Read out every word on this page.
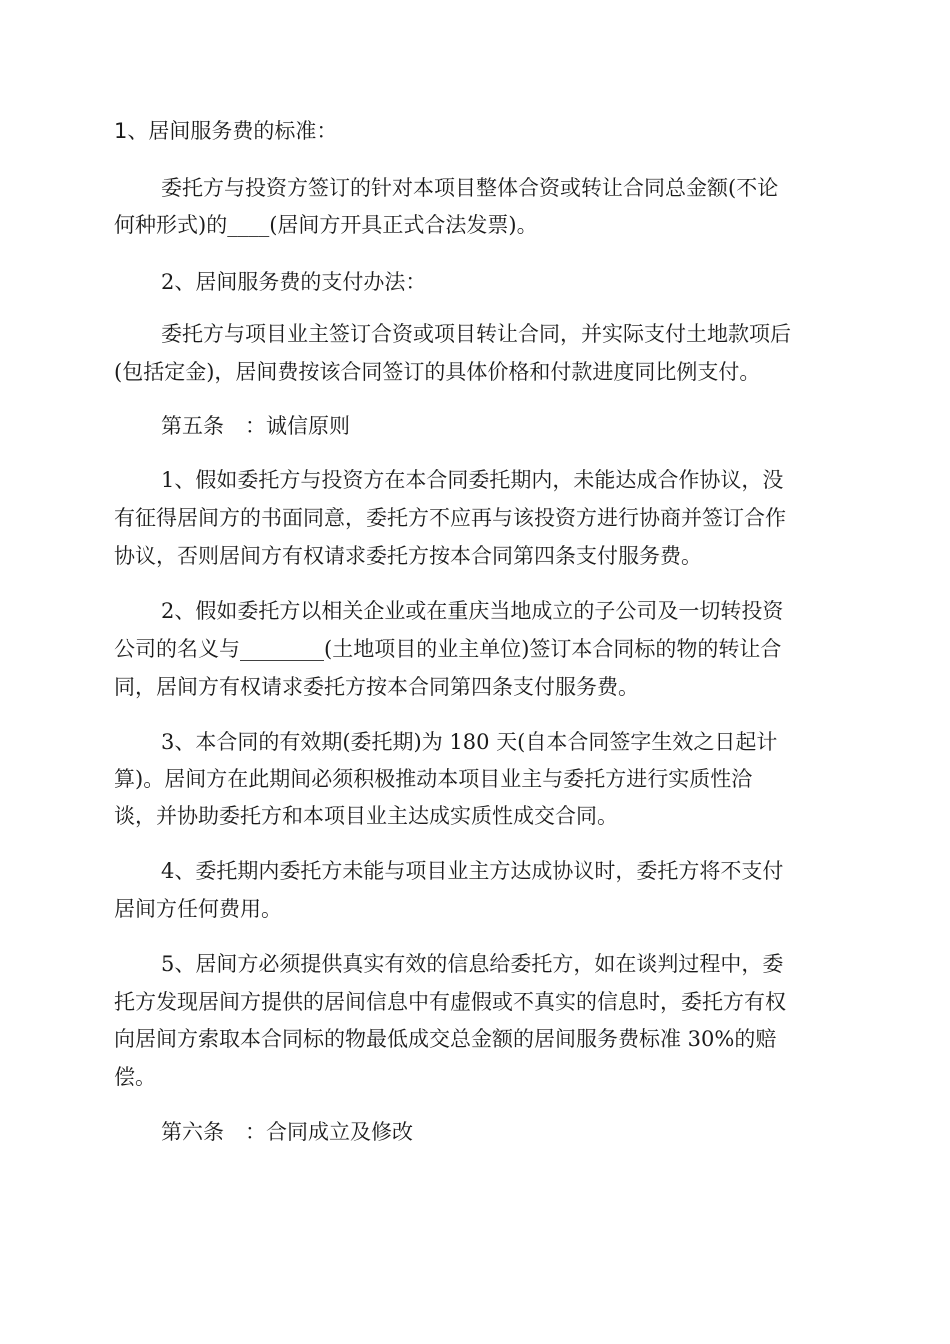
1、居间服务费的标准：
委托方与投资方签订的针对本项目整体合资或转让合同总金额(不论
何种形式)的____(居间方开具正式合法发票)。
2、居间服务费的支付办法：
委托方与项目业主签订合资或项目转让合同，并实际支付土地款项后
(包括定金)，居间费按该合同签订的具体价格和付款进度同比例支付。
第五条　：诚信原则
1、假如委托方与投资方在本合同委托期内，未能达成合作协议，没
有征得居间方的书面同意，委托方不应再与该投资方进行协商并签订合作
协议，否则居间方有权请求委托方按本合同第四条支付服务费。
2、假如委托方以相关企业或在重庆当地成立的子公司及一切转投资
公司的名义与________(土地项目的业主单位)签订本合同标的物的转让合
同，居间方有权请求委托方按本合同第四条支付服务费。
3、本合同的有效期(委托期)为 180 天(自本合同签字生效之日起计
算)。居间方在此期间必须积极推动本项目业主与委托方进行实质性洽
谈，并协助委托方和本项目业主达成实质性成交合同。
4、委托期内委托方未能与项目业主方达成协议时，委托方将不支付
居间方任何费用。
5、居间方必须提供真实有效的信息给委托方，如在谈判过程中，委
托方发现居间方提供的居间信息中有虚假或不真实的信息时，委托方有权
向居间方索取本合同标的物最低成交总金额的居间服务费标准 30%的赔
偿。
第六条　：合同成立及修改
